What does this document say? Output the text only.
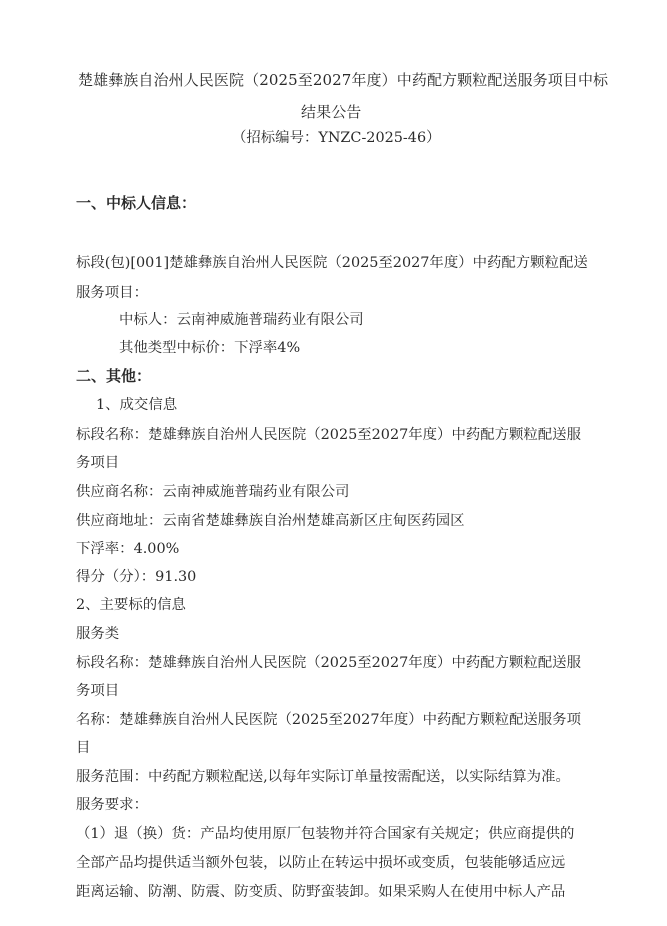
楚雄彝族自治州人民医院（2025至2027年度）中药配方颗粒配送服务项目中标
结果公告
（招标编号：YNZC-2025-46）
一、中标人信息：
标段(包)[001]楚雄彝族自治州人民医院（2025至2027年度）中药配方颗粒配送
服务项目：
中标人：云南神威施普瑞药业有限公司
其他类型中标价：下浮率4%
二、其他：
1、成交信息
标段名称：楚雄彝族自治州人民医院（2025至2027年度）中药配方颗粒配送服
务项目
供应商名称：云南神威施普瑞药业有限公司
供应商地址：云南省楚雄彝族自治州楚雄高新区庄甸医药园区
下浮率：4.00%
得分（分）：91.30
2、主要标的信息
服务类
标段名称：楚雄彝族自治州人民医院（2025至2027年度）中药配方颗粒配送服
务项目
名称：楚雄彝族自治州人民医院（2025至2027年度）中药配方颗粒配送服务项
目
服务范围：中药配方颗粒配送,以每年实际订单量按需配送，以实际结算为准。
服务要求：
（1）退（换）货：产品均使用原厂包装物并符合国家有关规定；供应商提供的
全部产品均提供适当额外包装，以防止在转运中损坏或变质，包装能够适应远
距离运输、防潮、防震、防变质、防野蛮装卸。如果采购人在使用中标人产品
